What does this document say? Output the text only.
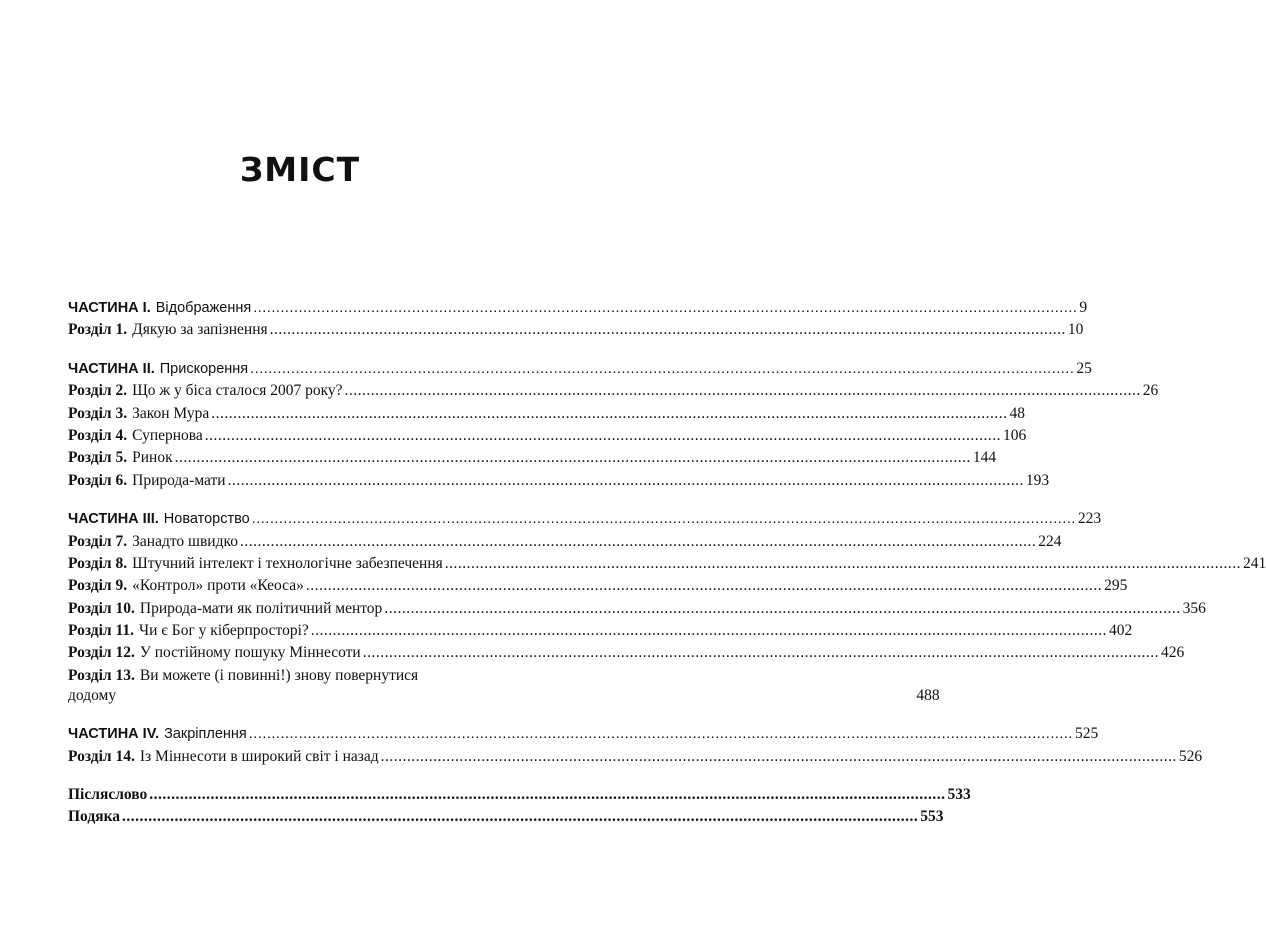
ЗМІСТ
ЧАСТИНА I. Відображення .....	9
Розділ 1. Дякую за запізнення .....	10
ЧАСТИНА II. Прискорення .....	25
Розділ 2. Що ж у біса сталося 2007 року? .....	26
Розділ 3. Закон Мура .....	48
Розділ 4. Супернова .....	106
Розділ 5. Ринок .....	144
Розділ 6. Природа-мати .....	193
ЧАСТИНА III. Новаторство .....	223
Розділ 7. Занадто швидко .....	224
Розділ 8. Штучний інтелект і технологічне забезпечення .....	241
Розділ 9. «Контрол» проти «Кеоса» .....	295
Розділ 10. Природа-мати як політичний ментор .....	356
Розділ 11. Чи є Бог у кіберпросторі? .....	402
Розділ 12. У постійному пошуку Міннесоти .....	426
Розділ 13. Ви можете (і повинні!) знову повернутися
додому	488
ЧАСТИНА IV. Закріплення .....	525
Розділ 14. Із Міннесоти в широкий світ і назад .....	526
Післяслово .....	533
Подяка .....	553
